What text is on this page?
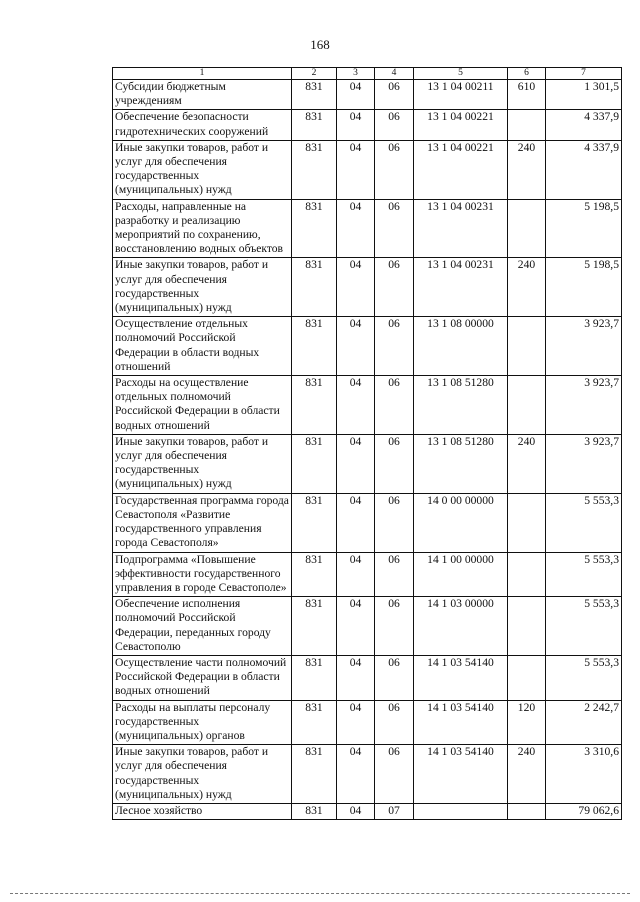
168
1	2	3	4	5	6	7
Субсидии бюджетным учреждениям	831	04	06	13 1 04 00211	610	1 301,5
Обеспечение безопасности гидротехнических сооружений	831	04	06	13 1 04 00221		4 337,9
Иные закупки товаров, работ и услуг для обеспечения государственных (муниципальных) нужд	831	04	06	13 1 04 00221	240	4 337,9
Расходы, направленные на разработку и реализацию мероприятий по сохранению, восстановлению водных объектов	831	04	06	13 1 04 00231		5 198,5
Иные закупки товаров, работ и услуг для обеспечения государственных (муниципальных) нужд	831	04	06	13 1 04 00231	240	5 198,5
Осуществление отдельных полномочий Российской Федерации в области водных отношений	831	04	06	13 1 08 00000		3 923,7
Расходы на осуществление отдельных полномочий Российской Федерации в области водных отношений	831	04	06	13 1 08 51280		3 923,7
Иные закупки товаров, работ и услуг для обеспечения государственных (муниципальных) нужд	831	04	06	13 1 08 51280	240	3 923,7
Государственная программа города Севастополя «Развитие государственного управления города Севастополя»	831	04	06	14 0 00 00000		5 553,3
Подпрограмма «Повышение эффективности государственного управления в городе Севастополе»	831	04	06	14 1 00 00000		5 553,3
Обеспечение исполнения полномочий Российской Федерации, переданных городу Севастополю	831	04	06	14 1 03 00000		5 553,3
Осуществление части полномочий Российской Федерации в области водных отношений	831	04	06	14 1 03 54140		5 553,3
Расходы на выплаты персоналу государственных (муниципальных) органов	831	04	06	14 1 03 54140	120	2 242,7
Иные закупки товаров, работ и услуг для обеспечения государственных (муниципальных) нужд	831	04	06	14 1 03 54140	240	3 310,6
Лесное хозяйство	831	04	07			79 062,6
